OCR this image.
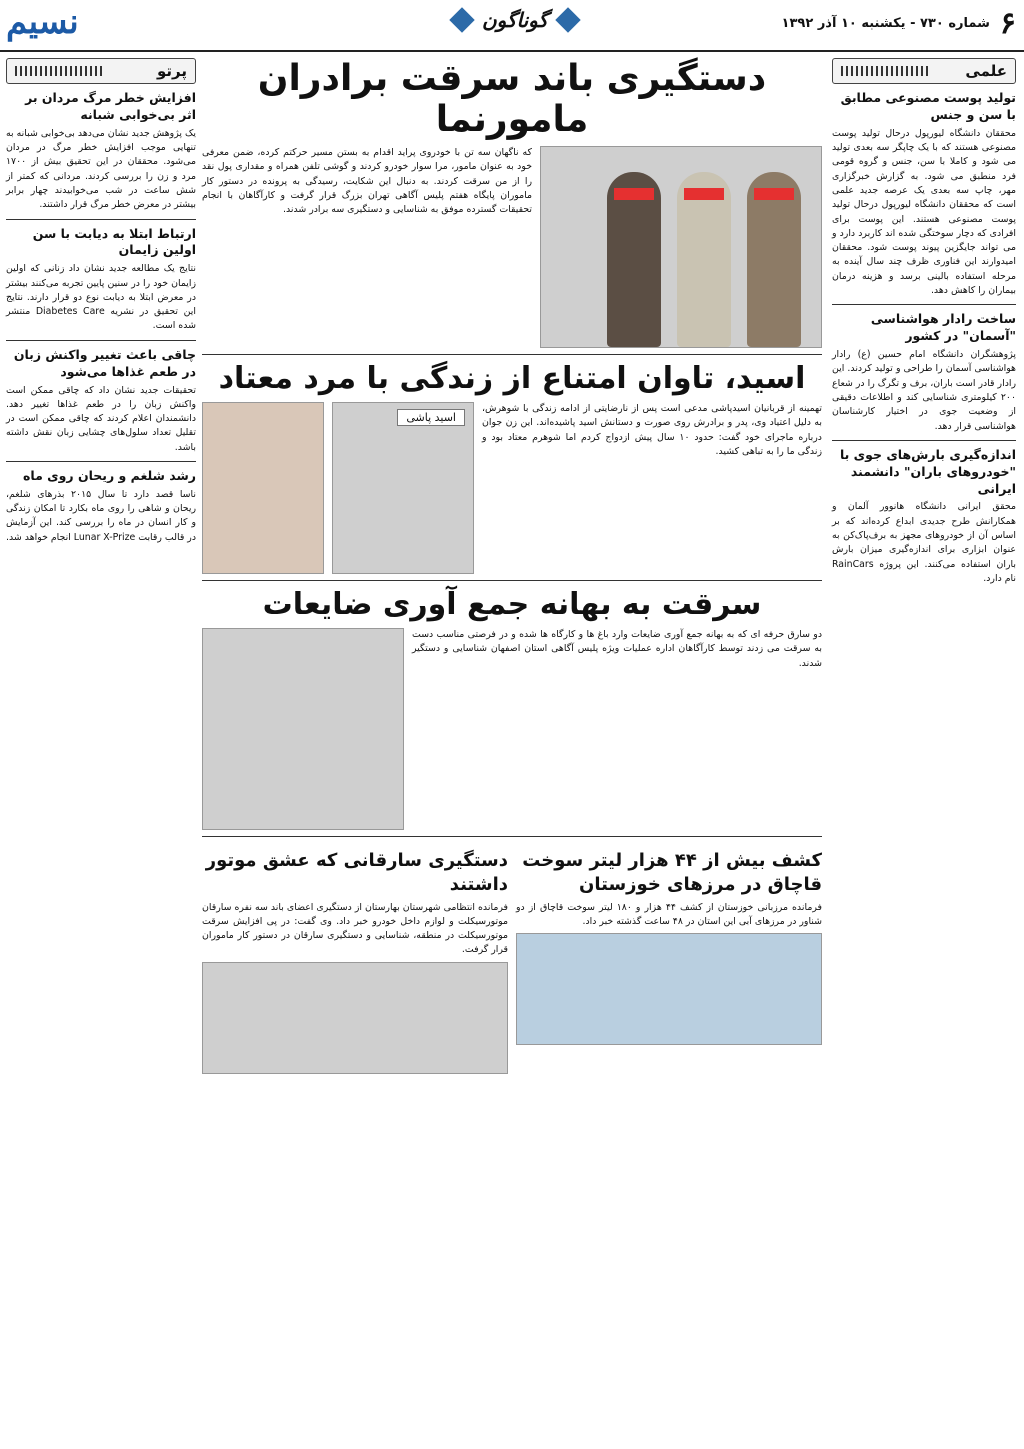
۶
شماره ۷۳۰ - یکشنبه ۱۰ آذر ۱۳۹۲
گوناگون
نسیم
علمی
تولید پوست مصنوعی مطابق با سن و جنس
محققان دانشگاه لیورپول درحال تولید پوست مصنوعی هستند که با یک چاپگر سه بعدی تولید می شود و کاملا با سن، جنس و گروه قومی فرد منطبق می شود. به گزارش خبرگزاری مهر، چاپ سه بعدی یک عرصه جدید علمی است که محققان دانشگاه لیورپول درحال تولید پوست مصنوعی هستند. این پوست برای افرادی که دچار سوختگی شده اند کاربرد دارد و می تواند جایگزین پیوند پوست شود. محققان امیدوارند این فناوری ظرف چند سال آینده به مرحله استفاده بالینی برسد و هزینه درمان بیماران را کاهش دهد.
ساخت رادار هواشناسی "آسمان" در کشور
پژوهشگران دانشگاه امام حسین (ع) رادار هواشناسی آسمان را طراحی و تولید کردند. این رادار قادر است باران، برف و تگرگ را در شعاع ۲۰۰ کیلومتری شناسایی کند و اطلاعات دقیقی از وضعیت جوی در اختیار کارشناسان هواشناسی قرار دهد.
اندازه‌گیری بارش‌های جوی با "خودروهای باران" دانشمند ایرانی
محقق ایرانی دانشگاه هانوور آلمان و همکارانش طرح جدیدی ابداع کرده‌اند که بر اساس آن از خودروهای مجهز به برف‌پاک‌کن به عنوان ابزاری برای اندازه‌گیری میزان بارش باران استفاده می‌کنند. این پروژه RainCars نام دارد.
پرتو
افزایش خطر مرگ مردان بر اثر بی‌خوابی شبانه
یک پژوهش جدید نشان می‌دهد بی‌خوابی شبانه به تنهایی موجب افزایش خطر مرگ در مردان می‌شود. محققان در این تحقیق بیش از ۱۷۰۰ مرد و زن را بررسی کردند. مردانی که کمتر از شش ساعت در شب می‌خوابیدند چهار برابر بیشتر در معرض خطر مرگ قرار داشتند.
ارتباط ابتلا به دیابت با سن اولین زایمان
نتایج یک مطالعه جدید نشان داد زنانی که اولین زایمان خود را در سنین پایین تجربه می‌کنند بیشتر در معرض ابتلا به دیابت نوع دو قرار دارند. نتایج این تحقیق در نشریه Diabetes Care منتشر شده است.
چاقی باعث تغییر واکنش زبان در طعم غذاها می‌شود
تحقیقات جدید نشان داد که چاقی ممکن است واکنش زبان را در طعم غذاها تغییر دهد. دانشمندان اعلام کردند که چاقی ممکن است در تقلیل تعداد سلول‌های چشایی زبان نقش داشته باشد.
رشد شلغم و ریحان روی ماه
ناسا قصد دارد تا سال ۲۰۱۵ بذرهای شلغم، ریحان و شاهی را روی ماه بکارد تا امکان زندگی و کار انسان در ماه را بررسی کند. این آزمایش در قالب رقابت Lunar X-Prize انجام خواهد شد.
دستگیری باند سرقت برادران مامورنما
که ناگهان سه تن با خودروی پراید اقدام به بستن مسیر حرکتم کرده، ضمن معرفی خود به عنوان مامور، مرا سوار خودرو کردند و گوشی تلفن همراه و مقداری پول نقد را از من سرقت کردند. به دنبال این شکایت، رسیدگی به پرونده در دستور کار ماموران پایگاه هفتم پلیس آگاهی تهران بزرگ قرار گرفت و کارآگاهان با انجام تحقیقات گسترده موفق به شناسایی و دستگیری سه برادر شدند.
اسید، تاوان امتناع از زندگی با مرد معتاد
تهمینه از قربانیان اسیدپاشی مدعی است پس از نارضایتی از ادامه زندگی با شوهرش، به دلیل اعتیاد وی، پدر و برادرش روی صورت و دستانش اسید پاشیده‌اند. این زن جوان درباره ماجرای خود گفت: حدود ۱۰ سال پیش ازدواج کردم اما شوهرم معتاد بود و زندگی ما را به تباهی کشید.
اسید پاشی
سرقت به بهانه جمع آوری ضایعات
دو سارق حرفه ای که به بهانه جمع آوری ضایعات وارد باغ ها و کارگاه ها شده و در فرصتی مناسب دست به سرقت می زدند توسط کارآگاهان اداره عملیات ویژه پلیس آگاهی استان اصفهان شناسایی و دستگیر شدند.
کشف بیش از ۴۴ هزار لیتر سوخت قاچاق در مرزهای خوزستان
فرمانده مرزبانی خوزستان از کشف ۴۴ هزار و ۱۸۰ لیتر سوخت قاچاق از دو شناور در مرزهای آبی این استان در ۴۸ ساعت گذشته خبر داد.
دستگیری سارقانی که عشق موتور داشتند
فرمانده انتظامی شهرستان بهارستان از دستگیری اعضای باند سه نفره سارقان موتورسیکلت و لوازم داخل خودرو خبر داد. وی گفت: در پی افزایش سرقت موتورسیکلت در منطقه، شناسایی و دستگیری سارقان در دستور کار ماموران قرار گرفت.
